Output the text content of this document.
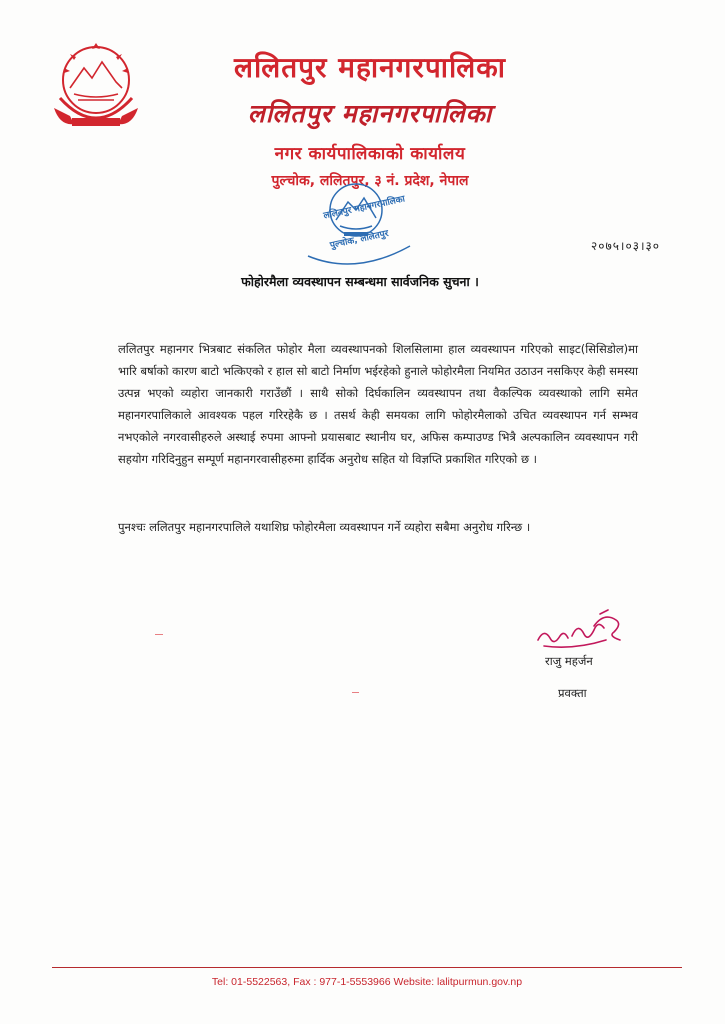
ललितपुर महानगरपालिका
ललितपुर महानगरपालिका
नगर कार्यपालिकाको कार्यालय
पुल्चोक, ललितपुर, ३ नं. प्रदेश, नेपाल
ललितपुर महानगरपालिका
पुल्चोक, ललितपुर	२०७५।०३।३०
फोहोरमैला व्यवस्थापन सम्बन्धमा सार्वजनिक सुचना ।

ललितपुर महानगर भित्रबाट संकलित फोहोर मैला व्यवस्थापनको शिलसिलामा हाल व्यवस्थापन गरिएको साइट(सिसिडोल)मा भारि बर्षाको कारण बाटो भत्किएको र हाल सो बाटो निर्माण भईरहेको हुनाले फोहोरमैला नियमित उठाउन नसकिएर केही समस्या उत्पन्न भएको व्यहोरा जानकारी गराउँछौं । साथै सोको दिर्घकालिन व्यवस्थापन तथा वैकल्पिक व्यवस्थाको लागि समेत महानगरपालिकाले आवश्यक पहल गरिरहेकै छ । तसर्थ केही समयका लागि फोहोरमैलाको उचित व्यवस्थापन गर्न सम्भव नभएकोले नगरवासीहरुले अस्थाई रुपमा आफ्नो प्रयासबाट स्थानीय घर, अफिस कम्पाउण्ड भित्रै अल्पकालिन व्यवस्थापन गरी सहयोग गरिदिनुहुन सम्पूर्ण महानगरवासीहरुमा हार्दिक अनुरोध सहित यो विज्ञप्ति प्रकाशित गरिएको छ ।

पुनश्चः ललितपुर महानगरपालिले यथाशिघ्र फोहोरमैला व्यवस्थापन गर्ने व्यहोरा सबैमा अनुरोध गरिन्छ ।

राजु महर्जन
प्रवक्ता
Tel: 01-5522563, Fax : 977-1-5553966 Website: lalitpurmun.gov.np
